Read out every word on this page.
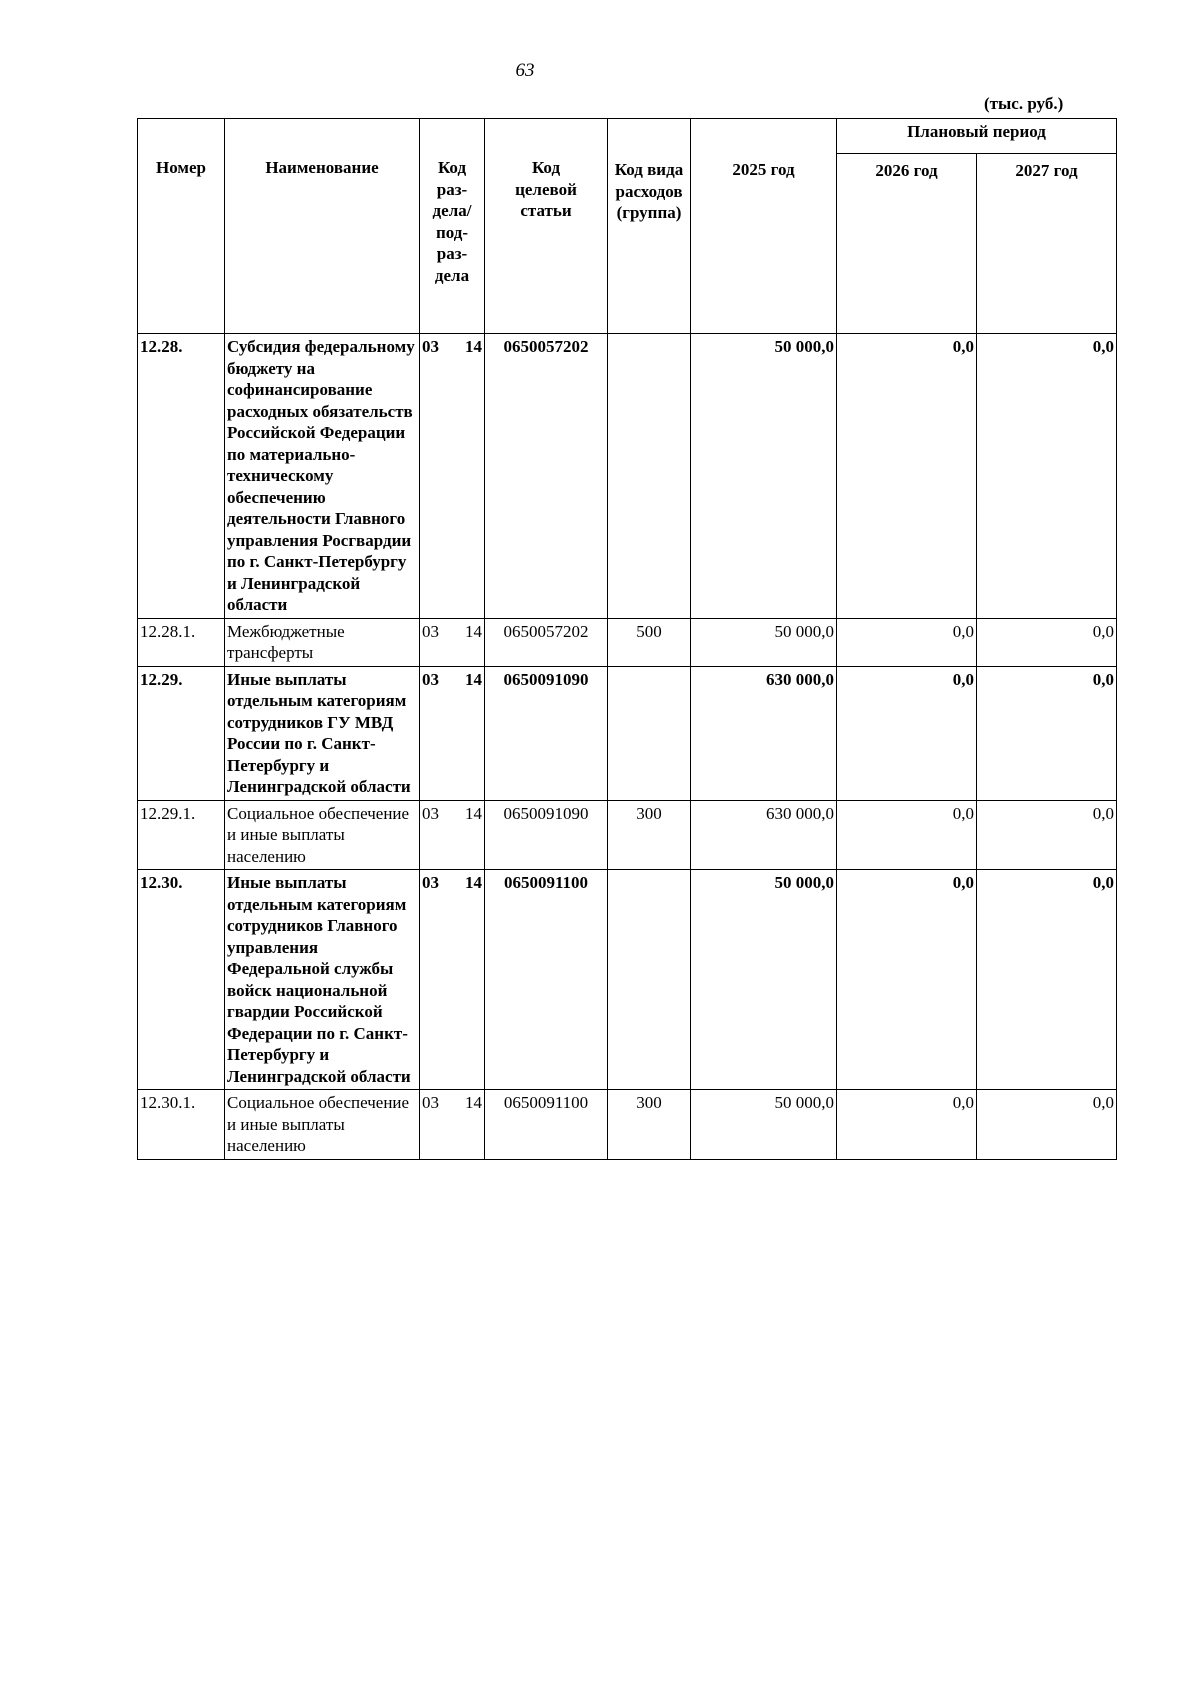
63
(тыс. руб.)
Номер	Наименование	Код раз-
дела/
под-
раз-
дела	Код
целевой
статьи	Код вида
расходов
(группа)	2025 год	Плановый период	
						2026 год	2027 год
12.28.	Субсидия федеральному бюджету на софинансирование расходных обязательств Российской Федерации по материально-техническому обеспечению деятельности Главного управления Росгвардии по г. Санкт-Петербургу и Ленинградской области	03 14	0650057202		50 000,0	0,0	0,0
12.28.1.	Межбюджетные трансферты	03 14	0650057202	500	50 000,0	0,0	0,0
12.29.	Иные выплаты отдельным категориям сотрудников ГУ МВД России по г. Санкт-Петербургу и Ленинградской области	03 14	0650091090		630 000,0	0,0	0,0
12.29.1.	Социальное обеспечение и иные выплаты населению	03 14	0650091090	300	630 000,0	0,0	0,0
12.30.	Иные выплаты отдельным категориям сотрудников Главного управления Федеральной службы войск национальной гвардии Российской Федерации по г. Санкт-Петербургу и Ленинградской области	03 14	0650091100		50 000,0	0,0	0,0
12.30.1.	Социальное обеспечение и иные выплаты населению	03 14	0650091100	300	50 000,0	0,0	0,0
